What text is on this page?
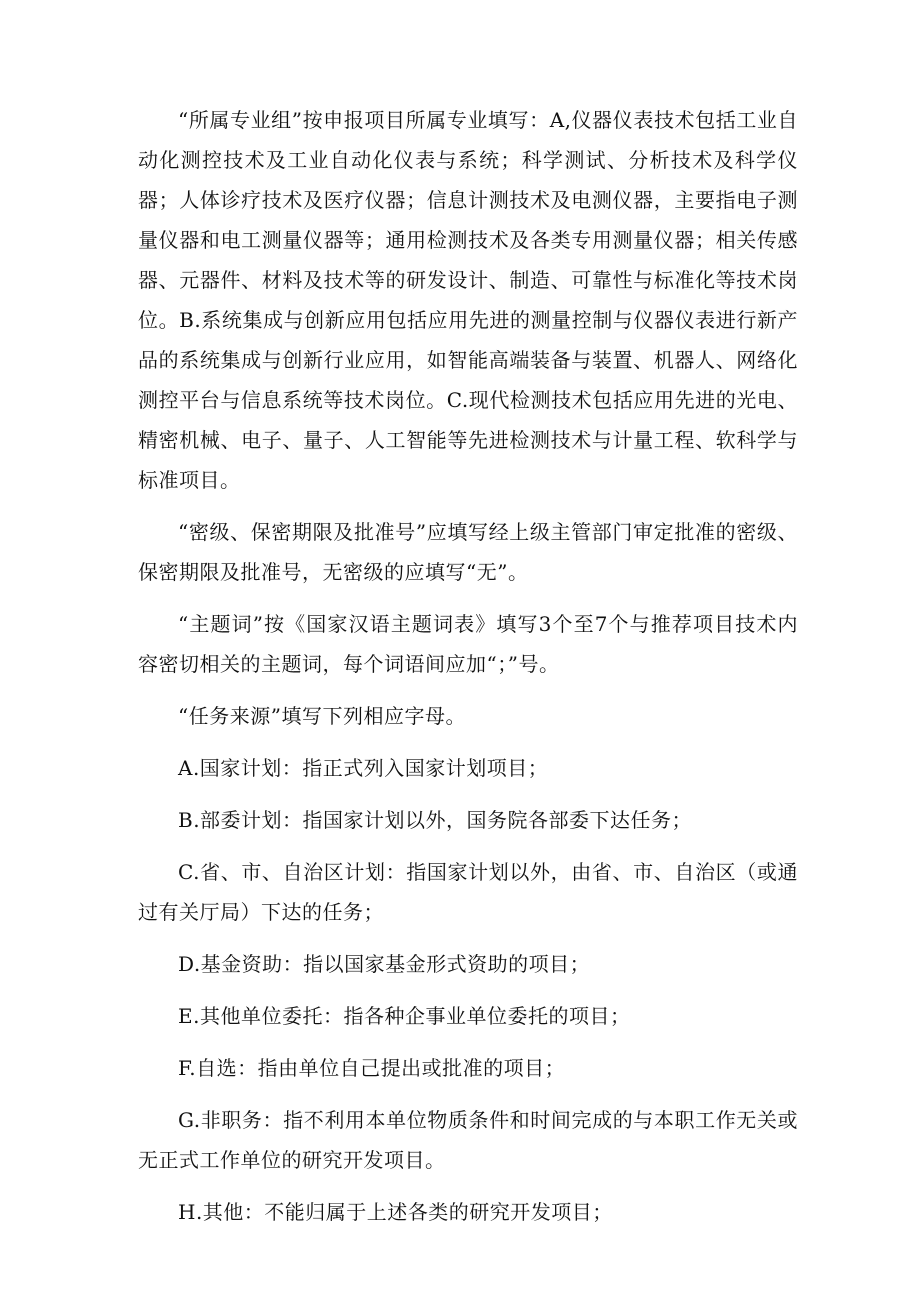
“所属专业组”按申报项目所属专业填写：A,仪器仪表技术包括工业自动化测控技术及工业自动化仪表与系统；科学测试、分析技术及科学仪器；人体诊疗技术及医疗仪器；信息计测技术及电测仪器，主要指电子测量仪器和电工测量仪器等；通用检测技术及各类专用测量仪器；相关传感器、元器件、材料及技术等的研发设计、制造、可靠性与标准化等技术岗位。B.系统集成与创新应用包括应用先进的测量控制与仪器仪表进行新产品的系统集成与创新行业应用，如智能高端装备与装置、机器人、网络化测控平台与信息系统等技术岗位。C.现代检测技术包括应用先进的光电、精密机械、电子、量子、人工智能等先进检测技术与计量工程、软科学与标准项目。

“密级、保密期限及批准号”应填写经上级主管部门审定批准的密级、保密期限及批准号，无密级的应填写“无”。

“主题词”按《国家汉语主题词表》填写3个至7个与推荐项目技术内容密切相关的主题词，每个词语间应加“；”号。

“任务来源”填写下列相应字母。

A.国家计划：指正式列入国家计划项目；

B.部委计划：指国家计划以外，国务院各部委下达任务；

C.省、市、自治区计划：指国家计划以外，由省、市、自治区（或通过有关厅局）下达的任务；

D.基金资助：指以国家基金形式资助的项目；

E.其他单位委托：指各种企事业单位委托的项目；

F.自选：指由单位自己提出或批准的项目；

G.非职务：指不利用本单位物质条件和时间完成的与本职工作无关或无正式工作单位的研究开发项目。

H.其他：不能归属于上述各类的研究开发项目；
